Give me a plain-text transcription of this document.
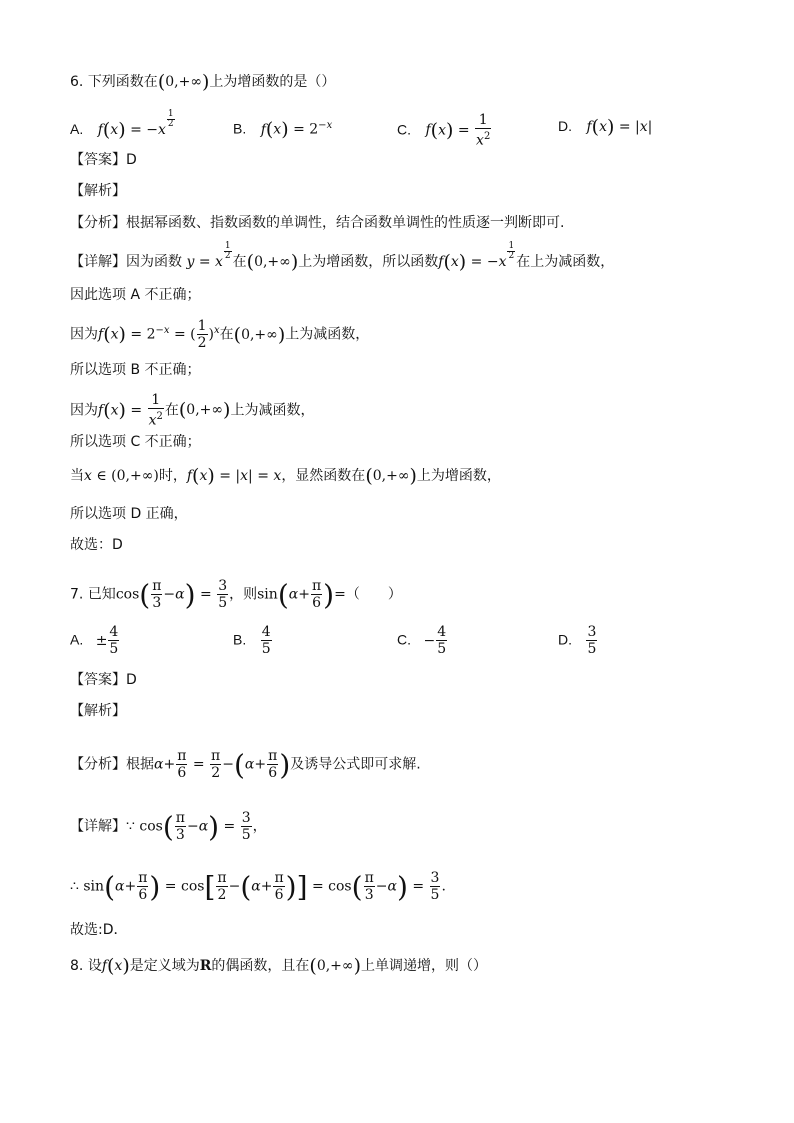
6. 下列函数在(0,+∞)上为增函数的是（）
A. f(x) = −x
$^{\frac{1}{2}}$	B. $f(x) = 2^{-x}$	C. $f(x) = \frac{1}{x^2}$	D. f(x) = |x|
【答案】D
【解析】
【分析】根据幂函数、指数函数的单调性，结合函数单调性的性质逐一判断即可.
【详解】因为函数 y = x
$^{\frac{1}{2}}$
在(0,+∞)上为增函数，所以函数f(x) = −x
$^{\frac{1}{2}}$
在上为减函数，
因此选项 A 不正确；
因为$f(x) = 2^{-x}$ = ( $\frac{1}{2} )^x$在(0,+∞)上为减函数，
所以选项 B 不正确；
因为$f(x) = \frac{1}{x^2}$ 在(0,+∞)上为减函数，
所以选项 C 不正确；
当x ∈ (0,+∞)时，f(x) = |x| = x，显然函数在(0,+∞)上为增函数，
所以选项 D 正确，
故选：D
7. 已知$\cos( \frac{\pi}{3} -\alpha) = \frac{3}{5}$ ，则$\sin(\alpha+ \frac{\pi}{6}$ )=（　　）
A. ± $\frac{4}{5}$	B. $\frac{4}{5}$	C. − $\frac{4}{5}$	D. $\frac{3}{5}$
【答案】D
【解析】
【分析】根据$\alpha+ \frac{\pi}{6} = \frac{\pi}{2} -(\alpha+ \frac{\pi}{6}$ )及诱导公式即可求解.
【详解】∵ $\cos( \frac{\pi}{3} -\alpha) = \frac{3}{5}$ ，
∴ $\sin(\alpha+ \frac{\pi}{6}$ ) = $\cos[ \frac{\pi}{2} -(\alpha+ \frac{\pi}{6}$ )] = $\cos( \frac{\pi}{3} -\alpha) = \frac{3}{5}$ .
故选:D．
8. 设f(x)是定义域为R的偶函数，且在(0,+∞)上单调递增，则（）
